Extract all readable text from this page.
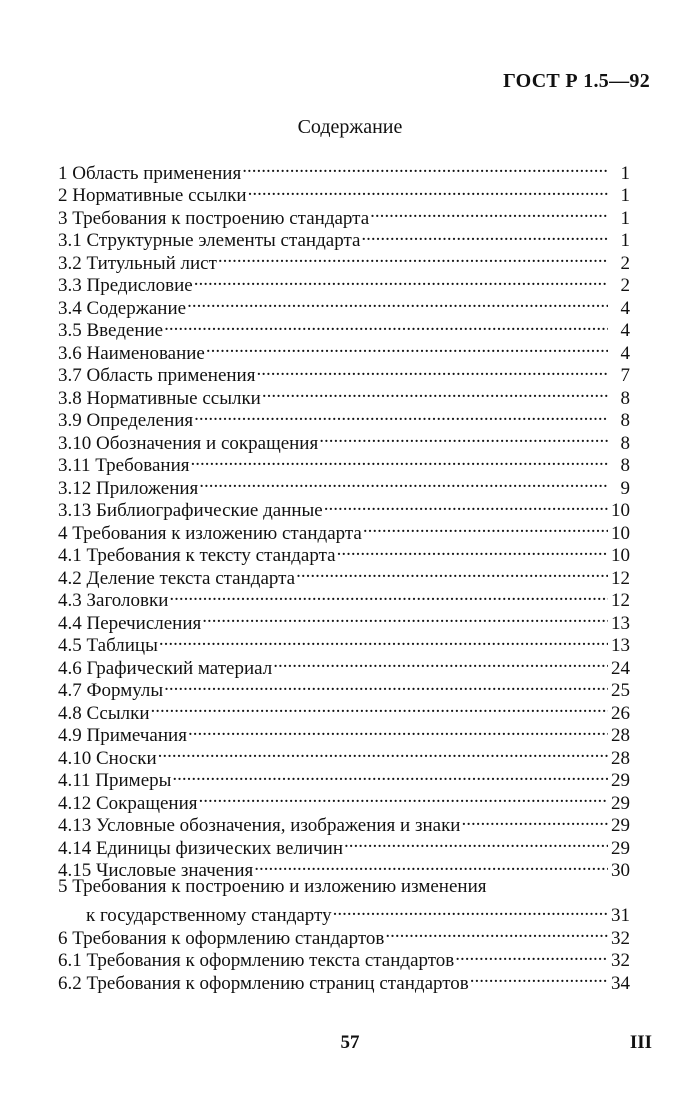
ГОСТ Р 1.5—92
Содержание
1 Область применения .....	1
2 Нормативные ссылки .....	1
3 Требования к построению стандарта .....	1
3.1 Структурные элементы стандарта .....	1
3.2 Титульный лист .....	2
3.3 Предисловие .....	2
3.4 Содержание .....	4
3.5 Введение .....	4
3.6 Наименование .....	4
3.7 Область применения .....	7
3.8 Нормативные ссылки .....	8
3.9 Определения .....	8
3.10 Обозначения и сокращения .....	8
3.11 Требования .....	8
3.12 Приложения .....	9
3.13 Библиографические данные .....	10
4 Требования к изложению стандарта .....	10
4.1 Требования к тексту стандарта .....	10
4.2 Деление текста стандарта .....	12
4.3 Заголовки .....	12
4.4 Перечисления .....	13
4.5 Таблицы .....	13
4.6 Графический материал .....	24
4.7 Формулы .....	25
4.8 Ссылки .....	26
4.9 Примечания .....	28
4.10 Сноски .....	28
4.11 Примеры .....	29
4.12 Сокращения .....	29
4.13 Условные обозначения, изображения и знаки .....	29
4.14 Единицы физических величин .....	29
4.15 Числовые значения .....	30
5 Требования к построению и изложению изменения
к государственному стандарту .....	31
6 Требования к оформлению стандартов .....	32
6.1 Требования к оформлению текста стандартов .....	32
6.2 Требования к оформлению страниц стандартов .....	34
57	III
